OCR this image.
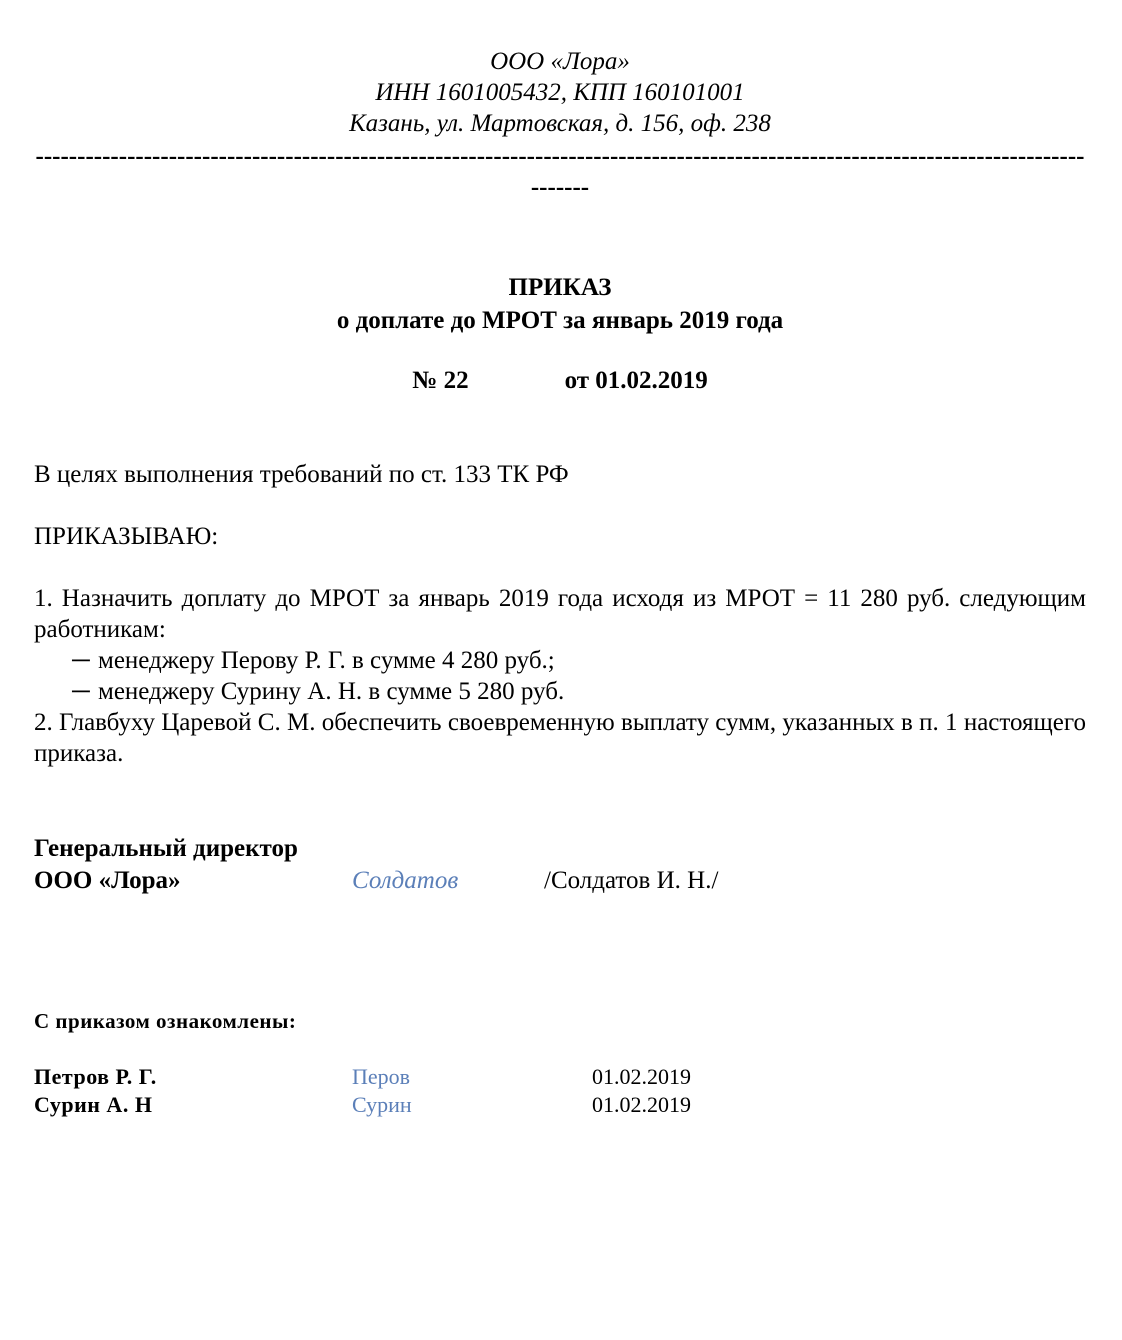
ООО «Лора»
ИНН 1601005432, КПП 160101001
Казань, ул. Мартовская, д. 156, оф. 238
-------------------------------------------------------------------------------------------------------------------------------------
ПРИКАЗ
о доплате до МРОТ за январь 2019 года
№ 22	от 01.02.2019
В целях выполнения требований по ст. 133 ТК РФ
ПРИКАЗЫВАЮ:
1. Назначить доплату до МРОТ за январь 2019 года исходя из МРОТ = 11 280 руб. следующим работникам:
─ менеджеру Перову Р. Г. в сумме 4 280 руб.;
─ менеджеру Сурину А. Н. в сумме 5 280 руб.
2. Главбуху Царевой С. М. обеспечить своевременную выплату сумм, указанных в п. 1 настоящего приказа.
Генеральный директор
ООО «Лора»	Солдатов	/Солдатов И. Н./
С приказом ознакомлены:
Петров Р. Г.	Перов	01.02.2019
Сурин А. Н	Сурин	01.02.2019
